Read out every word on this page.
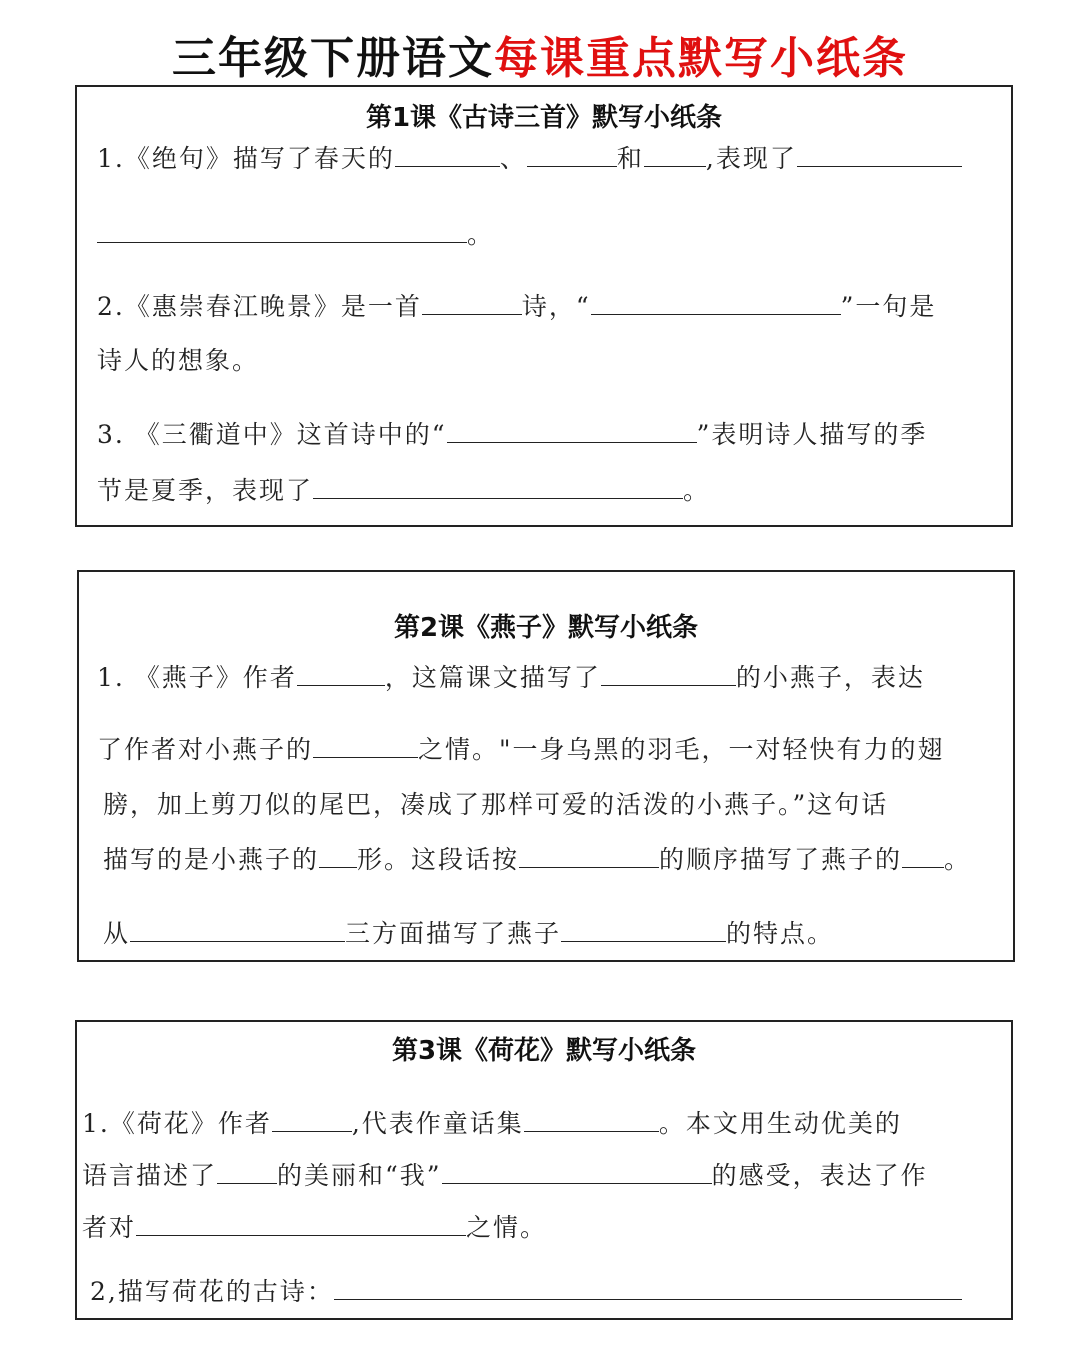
三年级下册语文每课重点默写小纸条
第1课《古诗三首》默写小纸条
1.《绝句》描写了春天的	、	和 ,表现了
。
2.《惠崇春江晚景》是一首	诗，“	”一句是
诗人的想象。
3. 《三衢道中》这首诗中的“	”表明诗人描写的季
节是夏季，表现了	。
第2课《燕子》默写小纸条
1. 《燕子》作者	，这篇课文描写了	的小燕子，表达
了作者对小燕子的	之情。"一身乌黑的羽毛，一对轻快有力的翅
膀，加上剪刀似的尾巴，凑成了那样可爱的活泼的小燕子。”这句话
描写的是小燕子的 形。这段话按	的顺序描写了燕子的 。
从	三方面描写了燕子	的特点。
第3课《荷花》默写小纸条
1.《荷花》作者	,代表作童话集	。本文用生动优美的
语言描述了 的美丽和“我”	的感受，表达了作
者对	之情。
2,描写荷花的古诗：
